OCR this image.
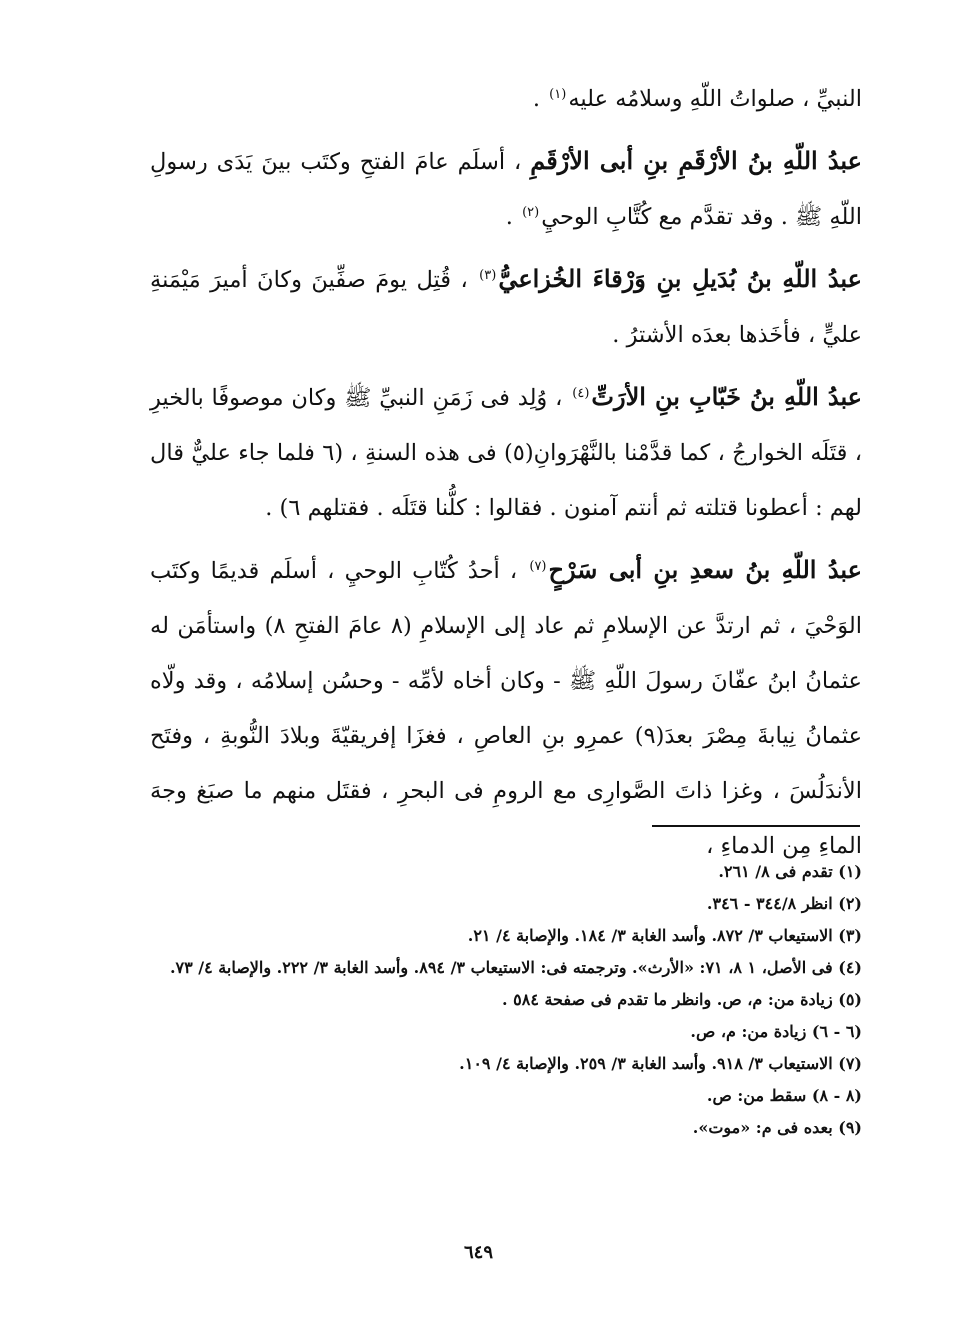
النبيِّ ، صلواتُ اللّهِ وسلامُه عليه$^{(١)}$ .

عبدُ اللّهِ بنُ الأرْقَمِ بنِ أبى الأرْقَمِ ، أسلَم عامَ الفتحِ وكتَب بينَ يَدَى رسولِ اللّهِ ﷺ . وقد تقدَّم مع كُتَّابِ الوحيِ$^{(٢)}$ .

عبدُ اللّهِ بنُ بُدَيلِ بنِ وَرْقاءَ الخُزاعيُّ$^{(٣)}$ ، قُتِل يومَ صفِّينَ وكانَ أميرَ مَيْمَنةِ عليٍّ ، فأخَذها بعدَه الأشترُ .

عبدُ اللّهِ بنُ خَبّابِ بنِ الأرَتِّ$^{(٤)}$ ، وُلِد فى زَمَنِ النبيِّ ﷺ وكان موصوفًا بالخيرِ ، قتَلَه الخوارجُ ، كما قدَّمْنا بالنَّهْرَوانِ(٥) فى هذه السنةِ ، (٦ فلما جاء عليٌّ قال لهم : أعطونا قتلته ثم أنتم آمنون . فقالوا : كلُّنا قتَلَه . فقتلهم ٦) .

عبدُ اللّهِ بنُ سعدِ بنِ أبى سَرْحٍ$^{(٧)}$ ، أحدُ كُتّابِ الوحيِ ، أسلَم قديمًا وكتَب الوَحْيَ ، ثم ارتدَّ عن الإسلامِ ثم عاد إلى الإسلامِ (٨ عامَ الفتحِ ٨) واستأمَن له عثمانُ ابنُ عفّانَ رسولَ اللّهِ ﷺ - وكان أخاه لأمِّه - وحسُن إسلامُه ، وقد ولّاه عثمانُ نِيابةَ مِصْرَ بعدَ(٩) عمرِو بنِ العاصِ ، فغزَا إفريقيّةَ وبلادَ النُّوبةِ ، وفتَح الأندَلُسَ ، وغزا ذاتَ الصَّوارِى مع الرومِ فى البحرِ ، فقتَل منهم ما صبَغ وجهَ الماءِ مِن الدماءِ ،

(١) تقدم فى ٨/ ٢٦١.

(٢) انظر ٣٤٤/٨ - ٣٤٦.

(٣) الاستيعاب ٣/ ٨٧٢. وأسد الغابة ٣/ ١٨٤. والإصابة ٤/ ٢١.

(٤) فى الأصل، ١ ٨، ٧١: «الأرث». وترجمته فى: الاستيعاب ٣/ ٨٩٤. وأسد الغابة ٣/ ٢٢٢. والإصابة ٤/ ٧٣.

(٥) زيادة من: م، ص. وانظر ما تقدم فى صفحة ٥٨٤ .

(٦ - ٦) زيادة من: م، ص.

(٧) الاستيعاب ٣/ ٩١٨. وأسد الغابة ٣/ ٢٥٩. والإصابة ٤/ ١٠٩.

(٨ - ٨) سقط من: ص.

(٩) بعده فى م: «موت».

٦٤٩
